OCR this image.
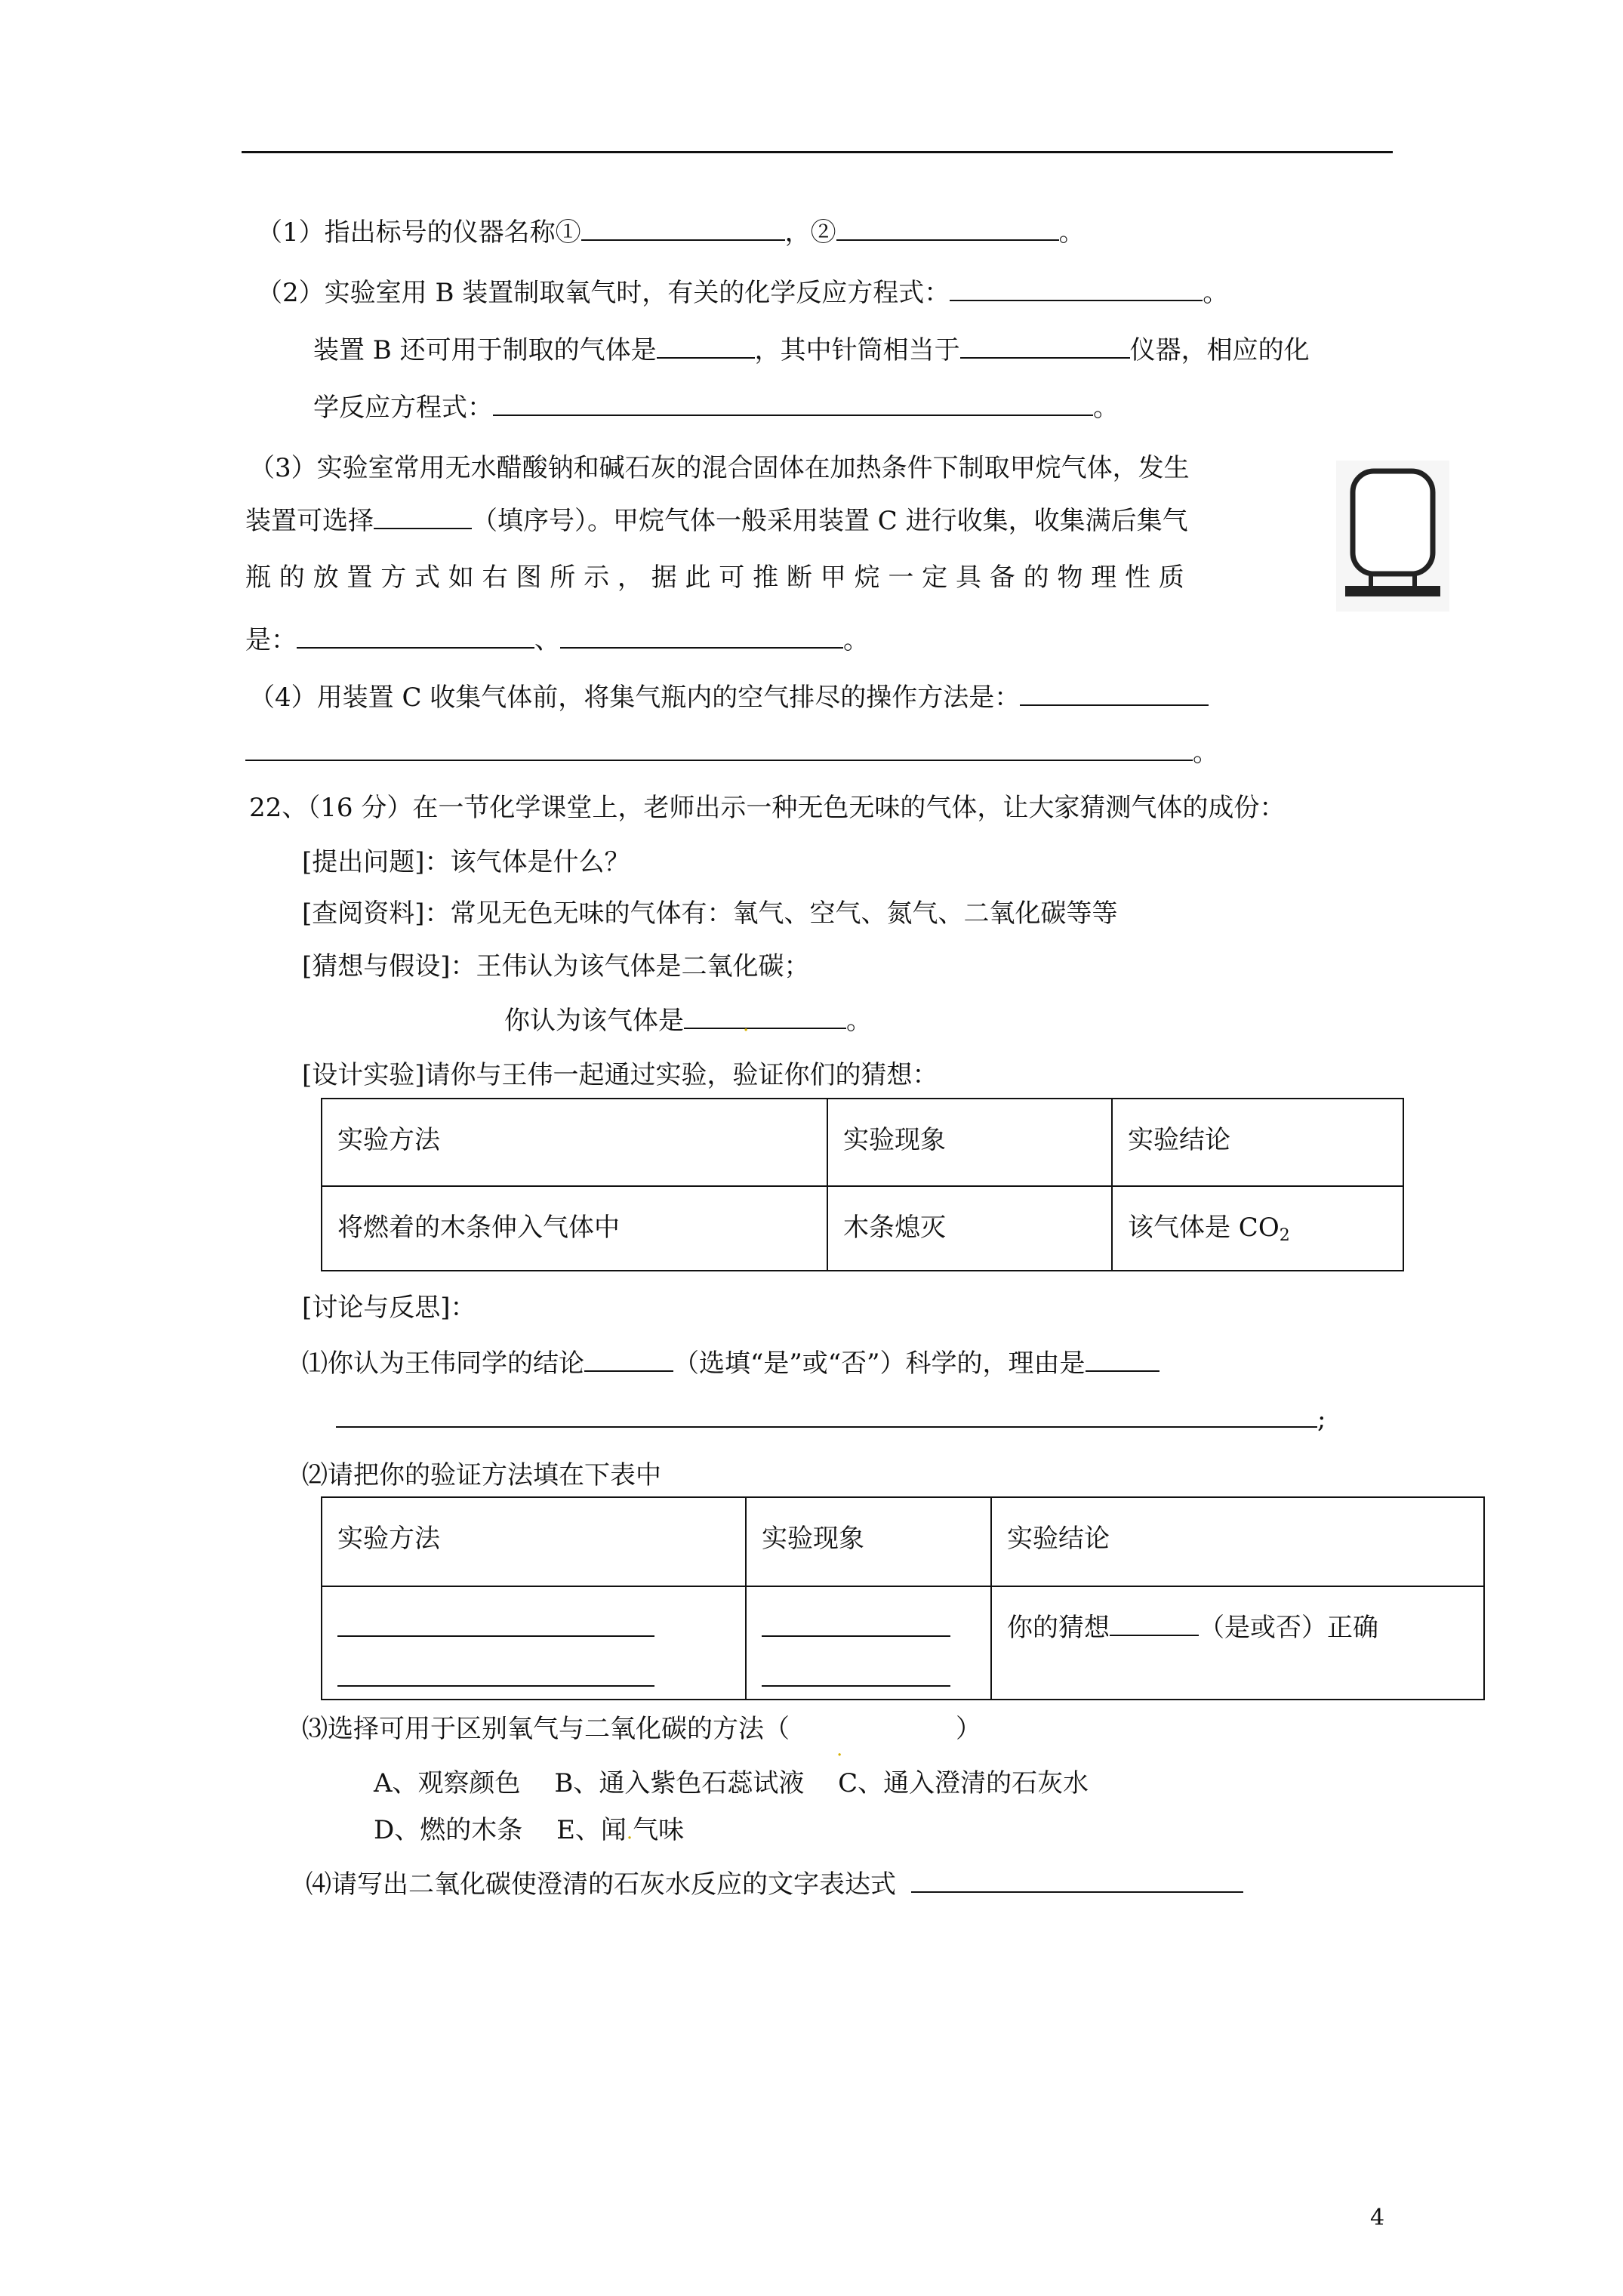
（1）指出标号的仪器名称①	，②	。
（2）实验室用 B 装置制取氧气时，有关的化学反应方程式：	。
装置 B 还可用于制取的气体是	，其中针筒相当于	仪器，相应的化
学反应方程式：	。
（3）实验室常用无水醋酸钠和碱石灰的混合固体在加热条件下制取甲烷气体，发生
装置可选择	（填序号）。甲烷气体一般采用装置 C 进行收集，收集满后集气
瓶 的 放 置 方 式 如 右 图 所 示 ， 据 此 可 推 断 甲 烷 一 定 具 备 的 物 理 性 质
是：	、	。
（4）用装置 C 收集气体前，将集气瓶内的空气排尽的操作方法是：
。
22、（16 分）在一节化学课堂上，老师出示一种无色无味的气体，让大家猜测气体的成份：
[提出问题]：该气体是什么？
[查阅资料]：常见无色无味的气体有：氧气、空气、氮气、二氧化碳等等
[猜想与假设]：王伟认为该气体是二氧化碳；
你认为该气体是	.	。
[设计实验]请你与王伟一起通过实验，验证你们的猜想：
实验方法	实验现象	实验结论

将燃着的木条伸入气体中	木条熄灭	该气体是 $CO_2$
[讨论与反思]：
⑴你认为王伟同学的结论	（选填“是”或“否”）科学的，理由是
;
⑵请把你的验证方法填在下表中
实验方法	实验现象	实验结论

		你的猜想 （是或否）正确
⑶选择可用于区别氧气与二氧化碳的方法（
.
）
A、观察颜色 　B、通入紫色石蕊试液　 C、通入澄清的石灰水
D、燃的木条　 E、闻.气味
⑷请写出二氧化碳使澄清的石灰水反应的文字表达式
4
